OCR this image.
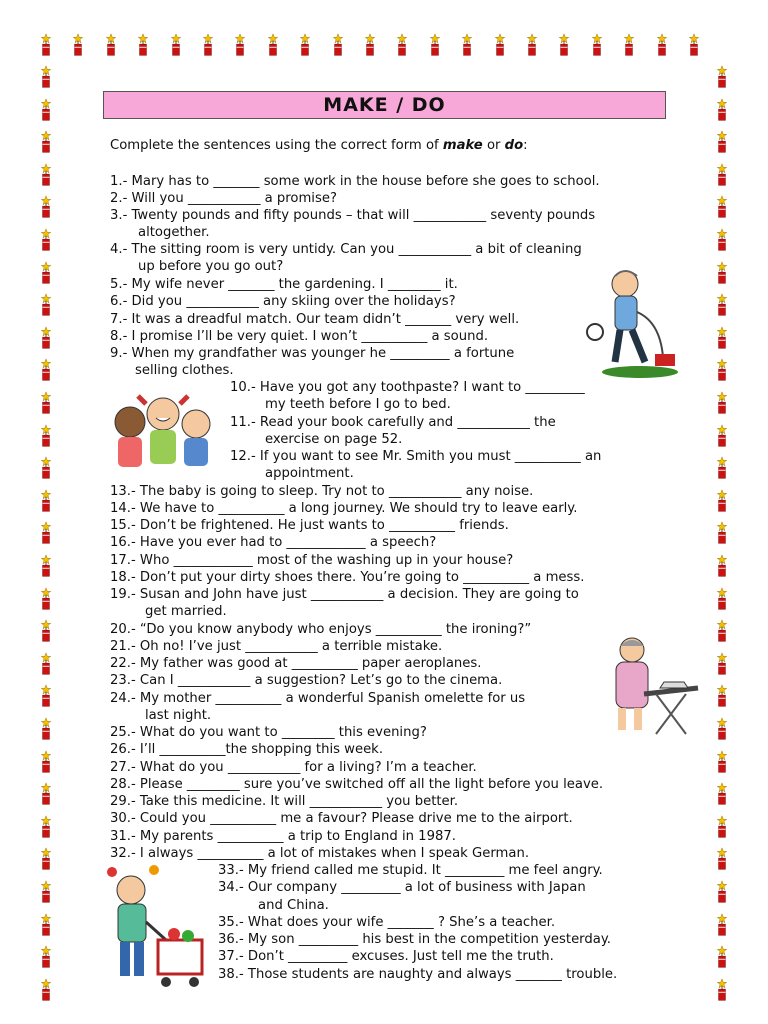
MAKE / DO
Complete the sentences using the correct form of make or do:
1.- Mary has to _______ some work in the house before she goes to school.
2.- Will you ___________ a promise?
3.- Twenty pounds and fifty pounds – that will ___________ seventy pounds
altogether.
4.- The sitting room is very untidy. Can you ___________ a bit of cleaning
up before you go out?
5.- My wife never _______ the gardening. I ________ it.
6.- Did you ___________ any skiing over the holidays?
7.- It was a dreadful match. Our team didn’t _______ very well.
8.- I promise I’ll be very quiet. I won’t __________ a sound.
9.- When my grandfather was younger he _________ a fortune
selling clothes.
10.- Have you got any toothpaste? I want to _________
my teeth before I go to bed.
11.- Read your book carefully and ___________ the
exercise on page 52.
12.- If you want to see Mr. Smith you must __________ an
appointment.
13.- The baby is going to sleep. Try not to ___________ any noise.
14.- We have to __________ a long journey. We should try to leave early.
15.- Don’t be frightened. He just wants to __________ friends.
16.- Have you ever had to ____________ a speech?
17.- Who ____________ most of the washing up in your house?
18.- Don’t put your dirty shoes there. You’re going to __________ a mess.
19.- Susan and John have just ___________ a decision. They are going to
get married.
20.- “Do you know anybody who enjoys __________ the ironing?”
21.- Oh no! I’ve just ___________ a terrible mistake.
22.- My father was good at __________ paper aeroplanes.
23.- Can I ___________ a suggestion? Let’s go to the cinema.
24.- My mother __________ a wonderful Spanish omelette for us
last night.
25.- What do you want to ________ this evening?
26.- I’ll __________the shopping this week.
27.- What do you ___________ for a living? I’m a teacher.
28.- Please ________ sure you’ve switched off all the light before you leave.
29.- Take this medicine. It will ___________ you better.
30.- Could you __________ me a favour? Please drive me to the airport.
31.- My parents __________ a trip to England in 1987.
32.- I always __________ a lot of mistakes when I speak German.
33.- My friend called me stupid. It _________ me feel angry.
34.- Our company _________ a lot of business with Japan
and China.
35.- What does your wife _______ ? She’s a teacher.
36.- My son _________ his best in the competition yesterday.
37.- Don’t _________ excuses. Just tell me the truth.
38.- Those students are naughty and always _______ trouble.
